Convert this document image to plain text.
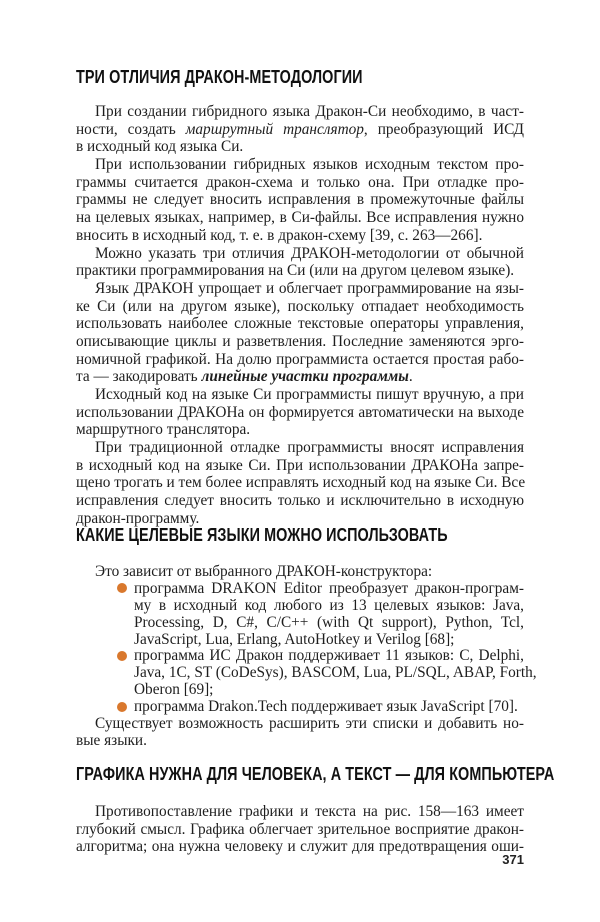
ТРИ ОТЛИЧИЯ ДРАКОН-МЕТОДОЛОГИИ
При создании гибридного языка Дракон-Си необходимо, в част-
ности, создать маршрутный транслятор, преобразующий ИСД
в исходный код языка Си.
При использовании гибридных языков исходным текстом про-
граммы считается дракон-схема и только она. При отладке про-
граммы не следует вносить исправления в промежуточные файлы
на целевых языках, например, в Си-файлы. Все исправления нужно
вносить в исходный код, т. е. в дракон-схему [39, с. 263—266].
Можно указать три отличия ДРАКОН-методологии от обычной
практики программирования на Си (или на другом целевом языке).
Язык ДРАКОН упрощает и облегчает программирование на язы-
ке Си (или на другом языке), поскольку отпадает необходимость
использовать наиболее сложные текстовые операторы управления,
описывающие циклы и разветвления. Последние заменяются эрго-
номичной графикой. На долю программиста остается простая рабо-
та — закодировать линейные участки программы.
Исходный код на языке Си программисты пишут вручную, а при
использовании ДРАКОНа он формируется автоматически на выходе
маршрутного транслятора.
При традиционной отладке программисты вносят исправления
в исходный код на языке Си. При использовании ДРАКОНа запре-
щено трогать и тем более исправлять исходный код на языке Си. Все
исправления следует вносить только и исключительно в исходную
дракон-программу.
КАКИЕ ЦЕЛЕВЫЕ ЯЗЫКИ МОЖНО ИСПОЛЬЗОВАТЬ
Это зависит от выбранного ДРАКОН-конструктора:
программа DRAKON Editor преобразует дракон-програм-
му в исходный код любого из 13 целевых языков: Java,
Processing, D, C#, C/C++ (with Qt support), Python, Tcl,
JavaScript, Lua, Erlang, AutoHotkey и Verilog [68];
программа ИС Дракон поддерживает 11 языков: C, Delphi,
Java, 1C, ST (CoDeSys), BASCOM, Lua, PL/SQL, ABAP, Forth,
Oberon [69];
программа Drakon.Tech поддерживает язык JavaScript [70].
Существует возможность расширить эти списки и добавить но-
вые языки.
ГРАФИКА НУЖНА ДЛЯ ЧЕЛОВЕКА, А ТЕКСТ — ДЛЯ КОМПЬЮТЕРА
Противопоставление графики и текста на рис. 158—163 имеет
глубокий смысл. Графика облегчает зрительное восприятие дракон-
алгоритма; она нужна человеку и служит для предотвращения оши-
371
